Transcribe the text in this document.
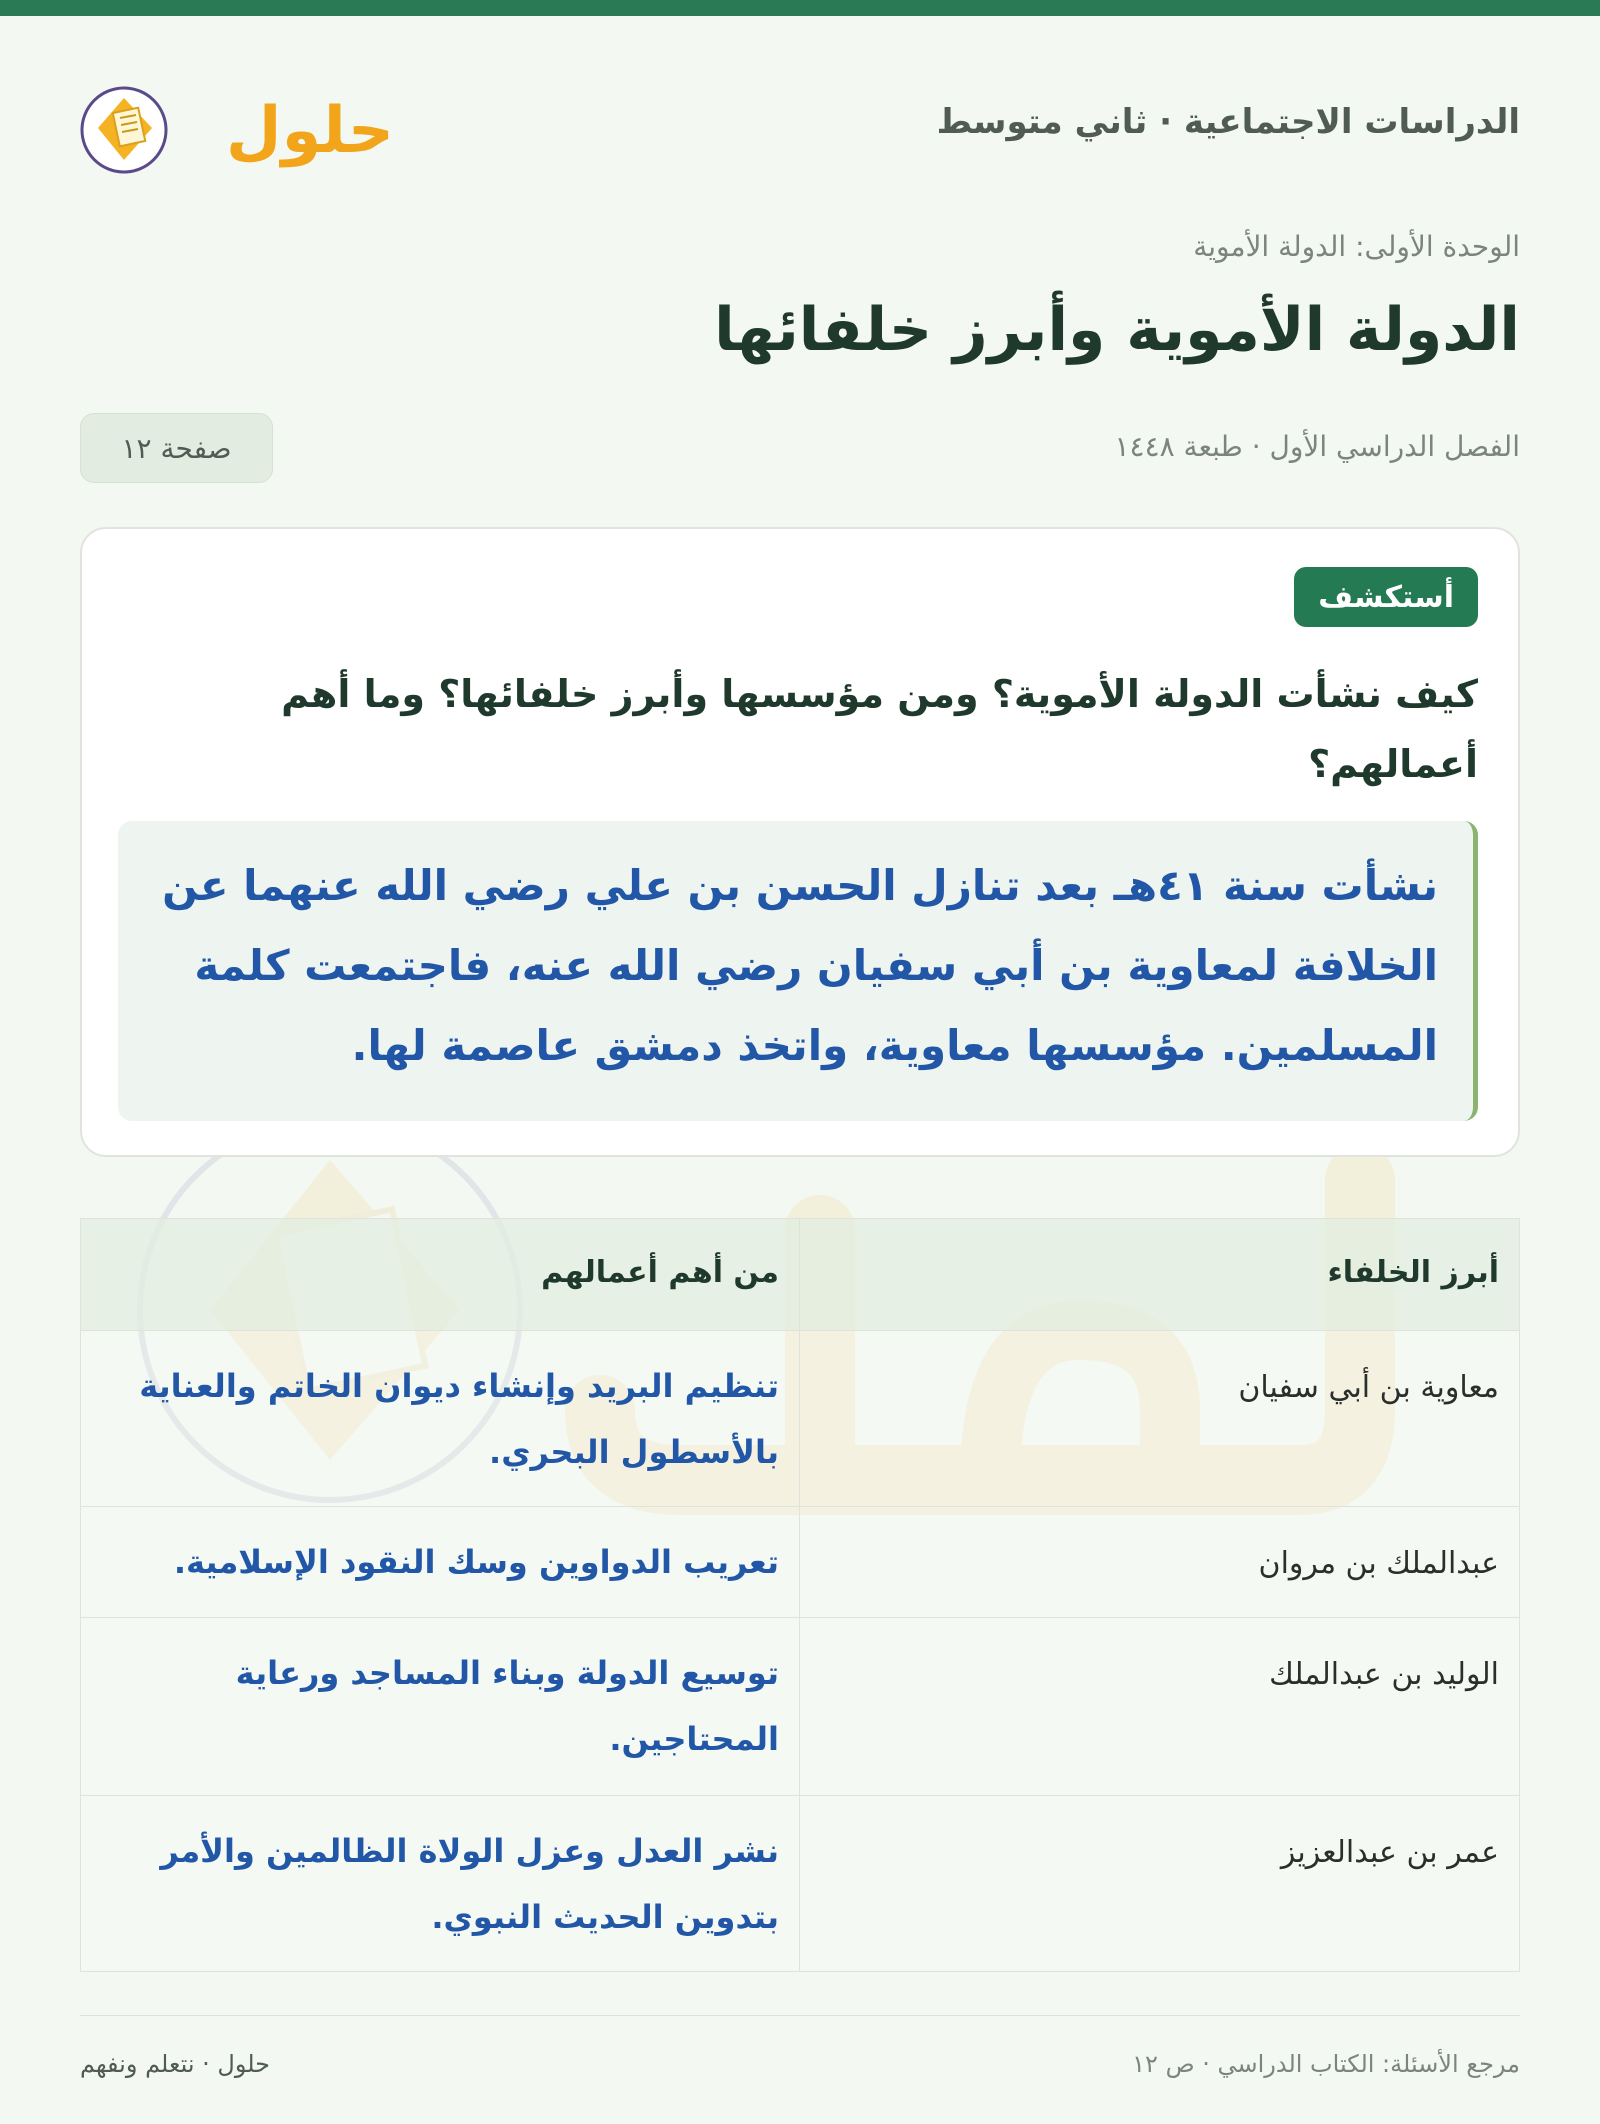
الدراسات الاجتماعية · ثاني متوسط
حلول
الوحدة الأولى: الدولة الأموية
الدولة الأموية وأبرز خلفائها
الفصل الدراسي الأول · طبعة ١٤٤٨
صفحة ١٢
أستكشف
كيف نشأت الدولة الأموية؟ ومن مؤسسها وأبرز خلفائها؟ وما أهم أعمالهم؟
نشأت سنة ٤١هـ بعد تنازل الحسن بن علي رضي الله عنهما عن الخلافة لمعاوية بن أبي سفيان رضي الله عنه، فاجتمعت كلمة المسلمين. مؤسسها معاوية، واتخذ دمشق عاصمة لها.
أبرز الخلفاء	من أهم أعمالهم
معاوية بن أبي سفيان	تنظيم البريد وإنشاء ديوان الخاتم والعناية بالأسطول البحري.
عبدالملك بن مروان	تعريب الدواوين وسك النقود الإسلامية.
الوليد بن عبدالملك	توسيع الدولة وبناء المساجد ورعاية المحتاجين.
عمر بن عبدالعزيز	نشر العدل وعزل الولاة الظالمين والأمر بتدوين الحديث النبوي.
حلول · نتعلم ونفهم	مرجع الأسئلة: الكتاب الدراسي · ص ١٢
